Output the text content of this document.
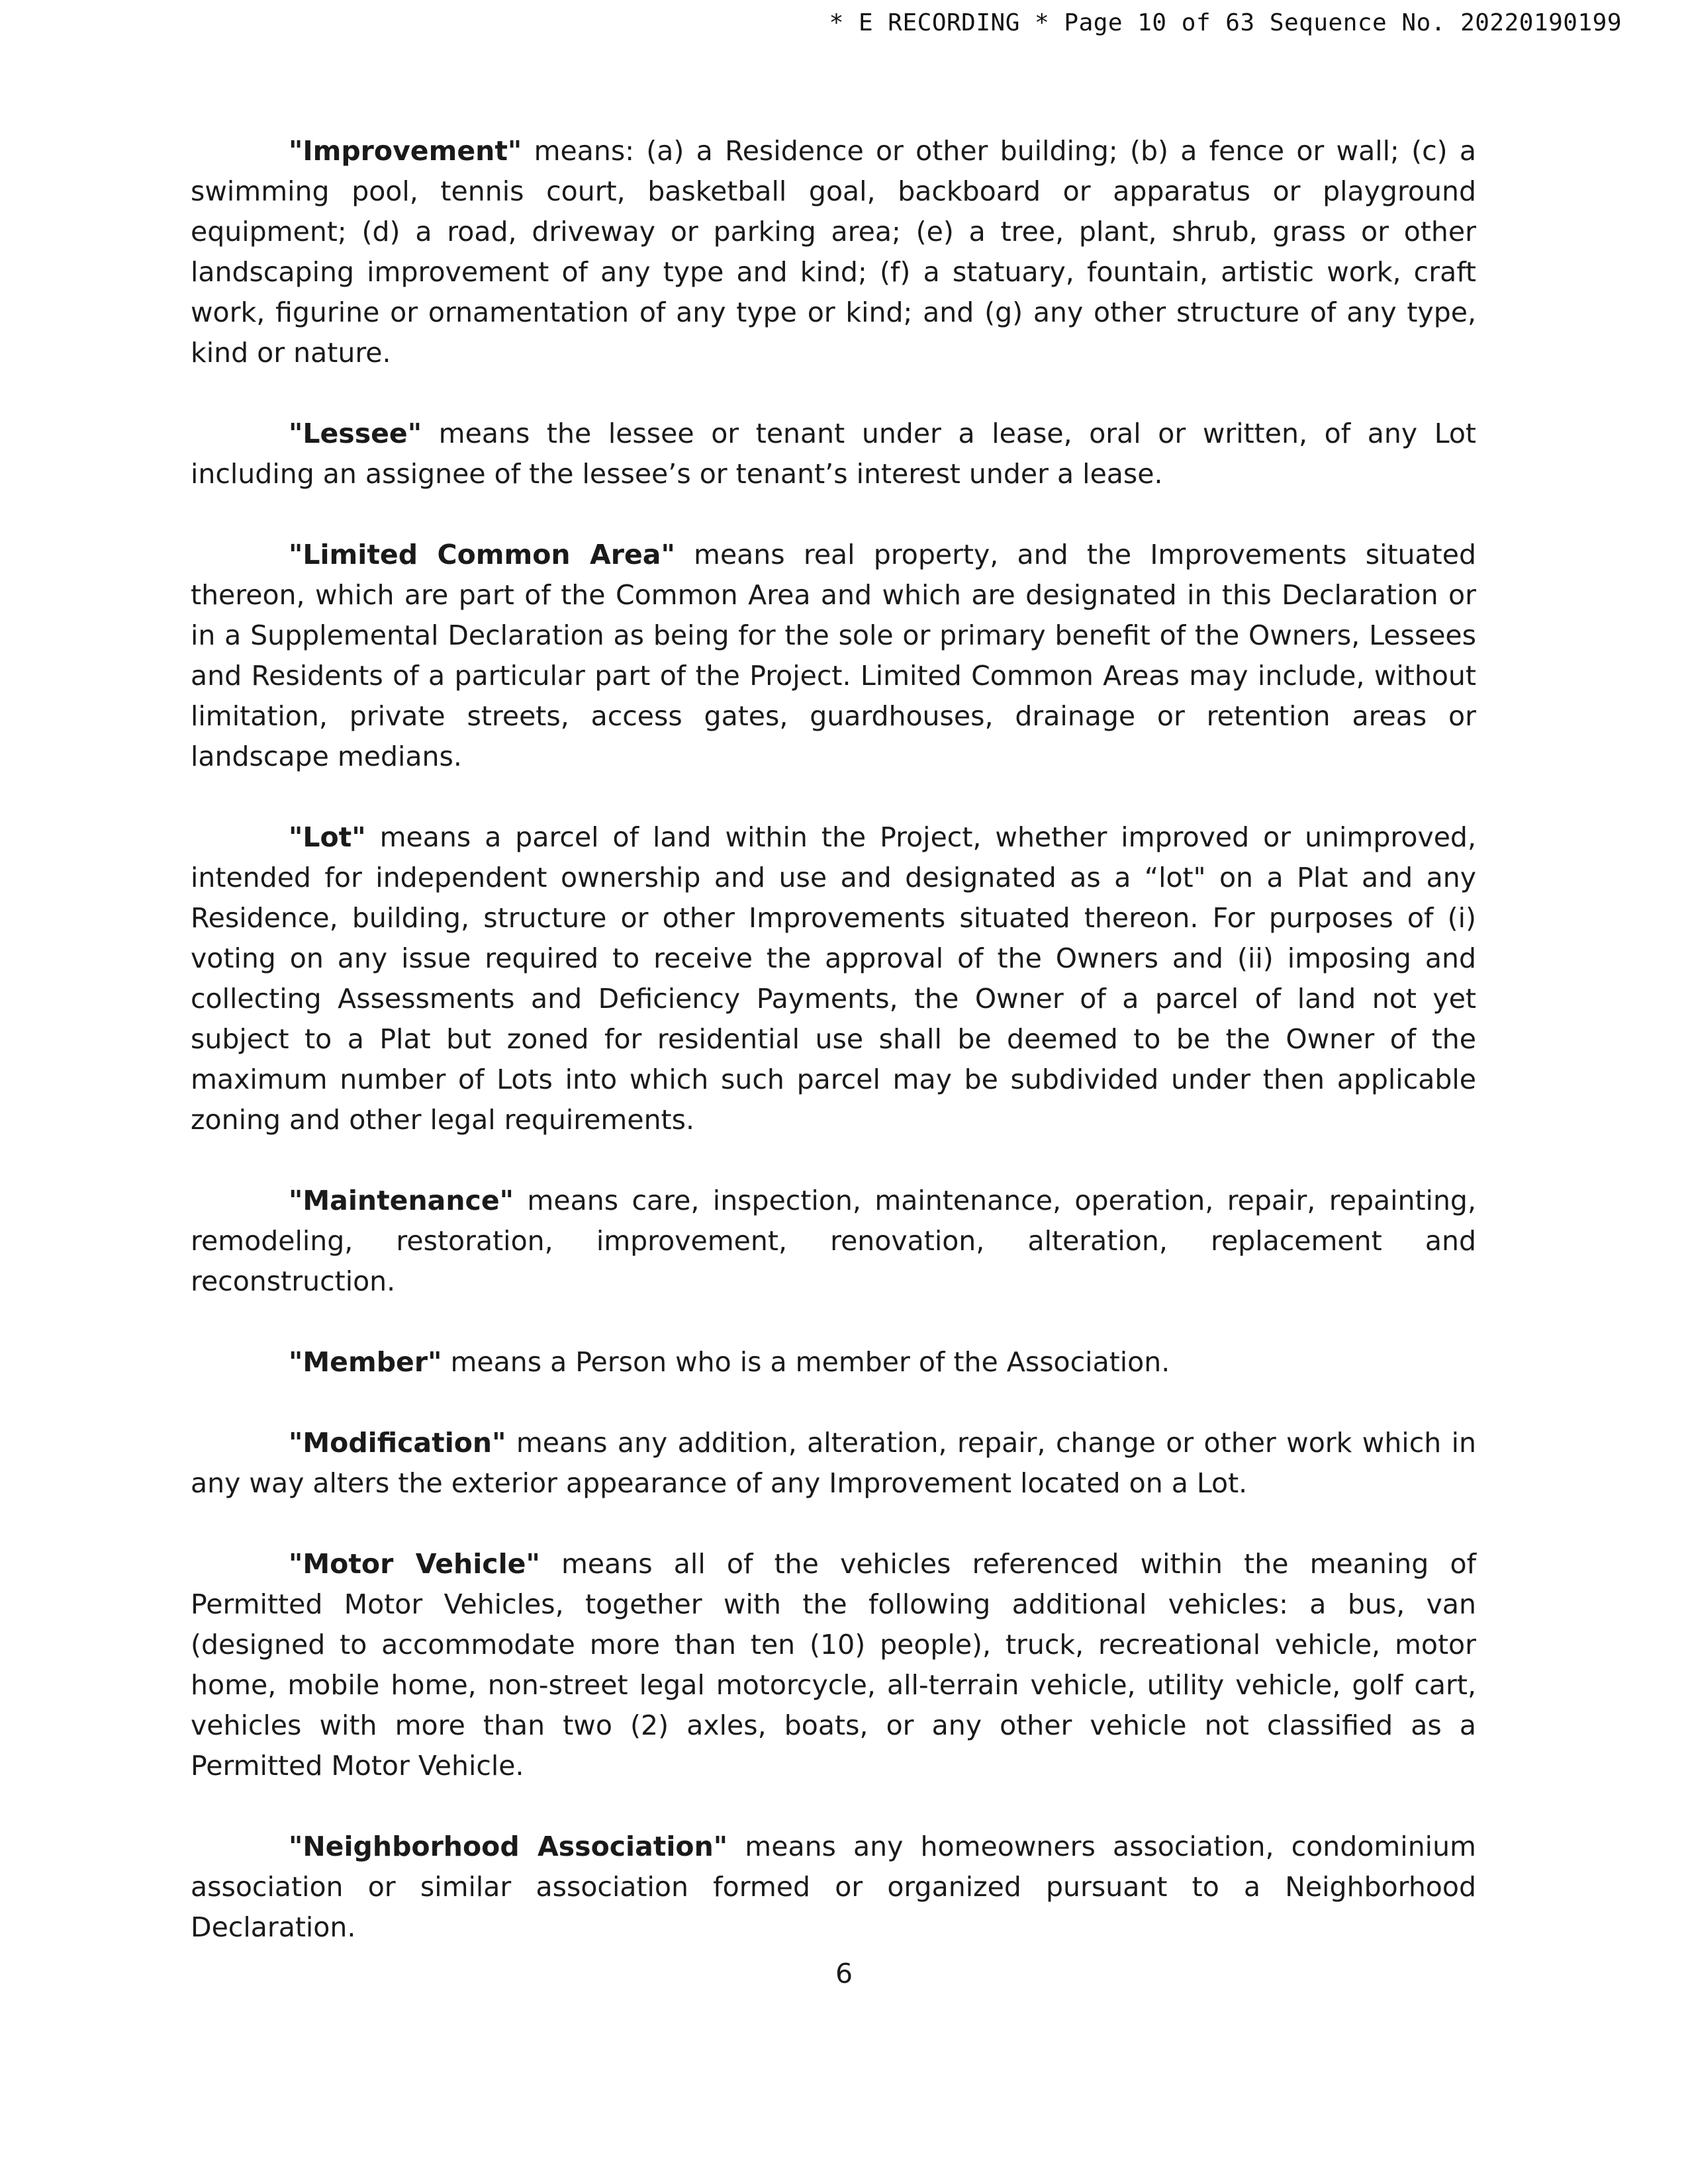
* E RECORDING * Page 10 of 63 Sequence No. 20220190199

"Improvement" means: (a) a Residence or other building; (b) a fence or wall; (c) a swimming pool, tennis court, basketball goal, backboard or apparatus or playground equipment; (d) a road, driveway or parking area; (e) a tree, plant, shrub, grass or other landscaping improvement of any type and kind; (f) a statuary, fountain, artistic work, craft work, figurine or ornamentation of any type or kind; and (g) any other structure of any type, kind or nature.

"Lessee" means the lessee or tenant under a lease, oral or written, of any Lot including an assignee of the lessee’s or tenant’s interest under a lease.

"Limited Common Area" means real property, and the Improvements situated thereon, which are part of the Common Area and which are designated in this Declaration or in a Supplemental Declaration as being for the sole or primary benefit of the Owners, Lessees and Residents of a particular part of the Project. Limited Common Areas may include, without limitation, private streets, access gates, guardhouses, drainage or retention areas or landscape medians.

"Lot" means a parcel of land within the Project, whether improved or unimproved, intended for independent ownership and use and designated as a “lot" on a Plat and any Residence, building, structure or other Improvements situated thereon. For purposes of (i) voting on any issue required to receive the approval of the Owners and (ii) imposing and collecting Assessments and Deficiency Payments, the Owner of a parcel of land not yet subject to a Plat but zoned for residential use shall be deemed to be the Owner of the maximum number of Lots into which such parcel may be subdivided under then applicable zoning and other legal requirements.

"Maintenance" means care, inspection, maintenance, operation, repair, repainting, remodeling, restoration, improvement, renovation, alteration, replacement and reconstruction.

"Member" means a Person who is a member of the Association.

"Modification" means any addition, alteration, repair, change or other work which in any way alters the exterior appearance of any Improvement located on a Lot.

"Motor Vehicle" means all of the vehicles referenced within the meaning of Permitted Motor Vehicles, together with the following additional vehicles: a bus, van (designed to accommodate more than ten (10) people), truck, recreational vehicle, motor home, mobile home, non-street legal motorcycle, all-terrain vehicle, utility vehicle, golf cart, vehicles with more than two (2) axles, boats, or any other vehicle not classified as a Permitted Motor Vehicle.

"Neighborhood Association" means any homeowners association, condominium association or similar association formed or organized pursuant to a Neighborhood Declaration.

6
